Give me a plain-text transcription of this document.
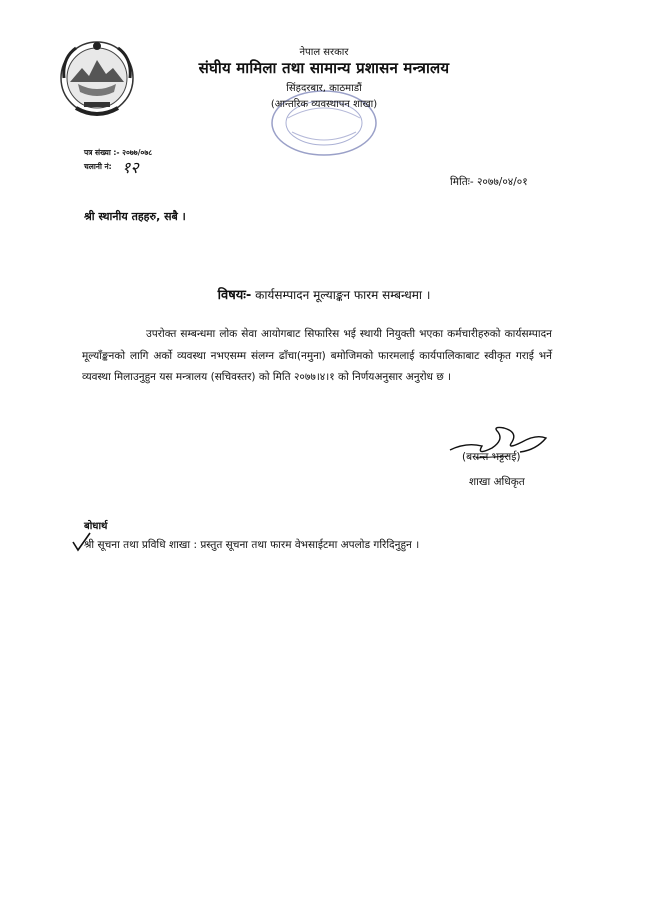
नेपाल सरकार
संघीय मामिला तथा सामान्य प्रशासन मन्त्रालय
सिंहदरबार, काठमाडौं
(आन्तरिक व्यवस्थापन शाखा)
पत्र संख्या :- २०७७/०७८
चलानी नं: १२
मितिः- २०७७/०४/०१
श्री स्थानीय तहहरु, सबै ।
विषयः- कार्यसम्पादन मूल्याङ्कन फारम सम्बन्धमा ।

उपरोक्त सम्बन्धमा लोक सेवा आयोगबाट सिफारिस भई स्थायी नियुक्ती भएका कर्मचारीहरुको कार्यसम्पादन मूल्याँङ्कनको लागि अर्को व्यवस्था नभएसम्म संलग्न ढाँचा(नमुना) बमोजिमको फारमलाई कार्यपालिकाबाट स्वीकृत गराई भर्ने व्यवस्था मिलाउनुहुन यस मन्त्रालय (सचिवस्तर) को मिति २०७७।४।१ को निर्णयअनुसार अनुरोध छ ।

(बसन्त भट्टराई)
शाखा अधिकृत
बोधार्थ
श्री सूचना तथा प्रविधि शाखा : प्रस्तुत सूचना तथा फारम वेभसाईटमा अपलोड गरिदिनुहुन ।
